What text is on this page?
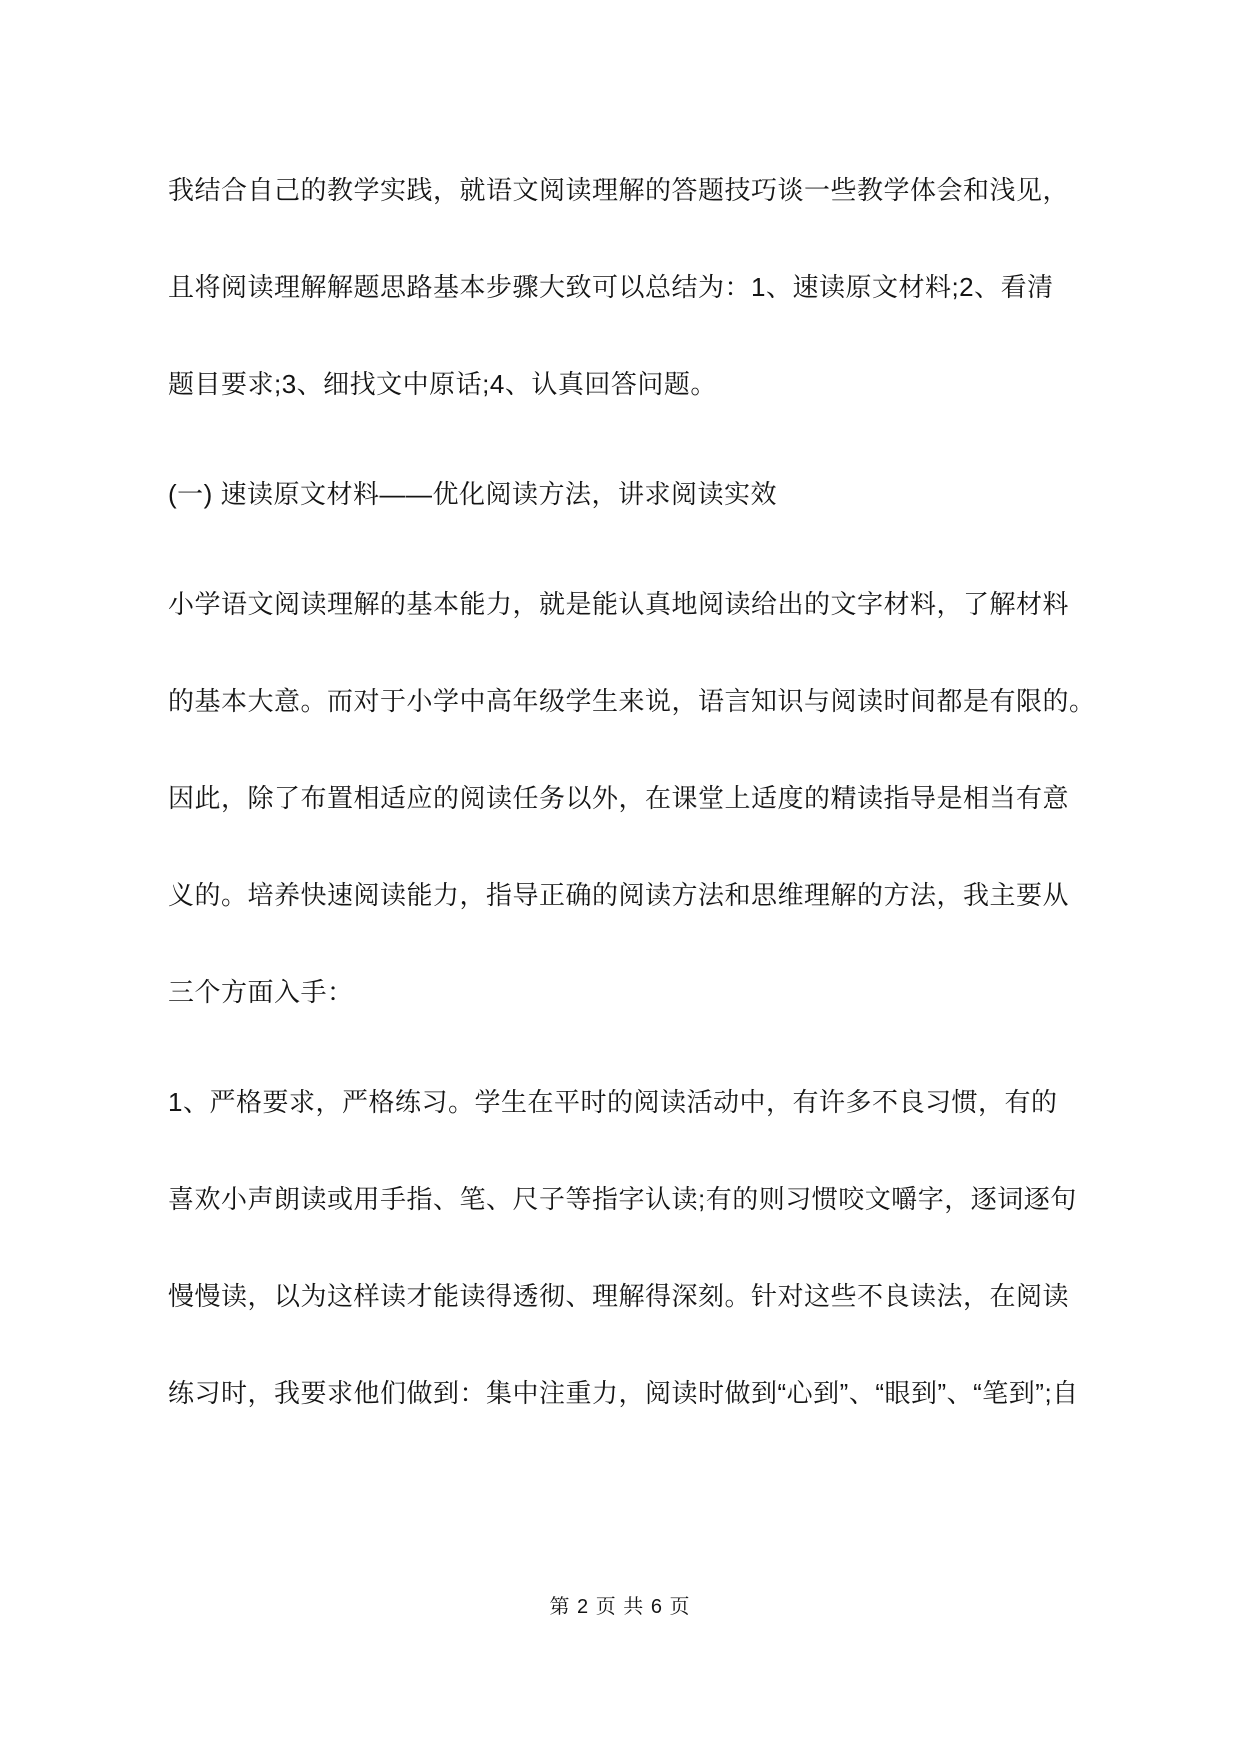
我结合自己的教学实践，就语文阅读理解的答题技巧谈一些教学体会和浅见，
且将阅读理解解题思路基本步骤大致可以总结为：1、速读原文材料;2、看清
题目要求;3、细找文中原话;4、认真回答问题。
(一) 速读原文材料——优化阅读方法，讲求阅读实效
小学语文阅读理解的基本能力，就是能认真地阅读给出的文字材料，了解材料
的基本大意。而对于小学中高年级学生来说，语言知识与阅读时间都是有限的。
因此，除了布置相适应的阅读任务以外，在课堂上适度的精读指导是相当有意
义的。培养快速阅读能力，指导正确的阅读方法和思维理解的方法，我主要从
三个方面入手：
1、严格要求，严格练习。学生在平时的阅读活动中，有许多不良习惯，有的
喜欢小声朗读或用手指、笔、尺子等指字认读;有的则习惯咬文嚼字，逐词逐句
慢慢读，以为这样读才能读得透彻、理解得深刻。针对这些不良读法，在阅读
练习时，我要求他们做到：集中注重力，阅读时做到“心到”、“眼到”、“笔到”;自
第 2 页 共 6 页
